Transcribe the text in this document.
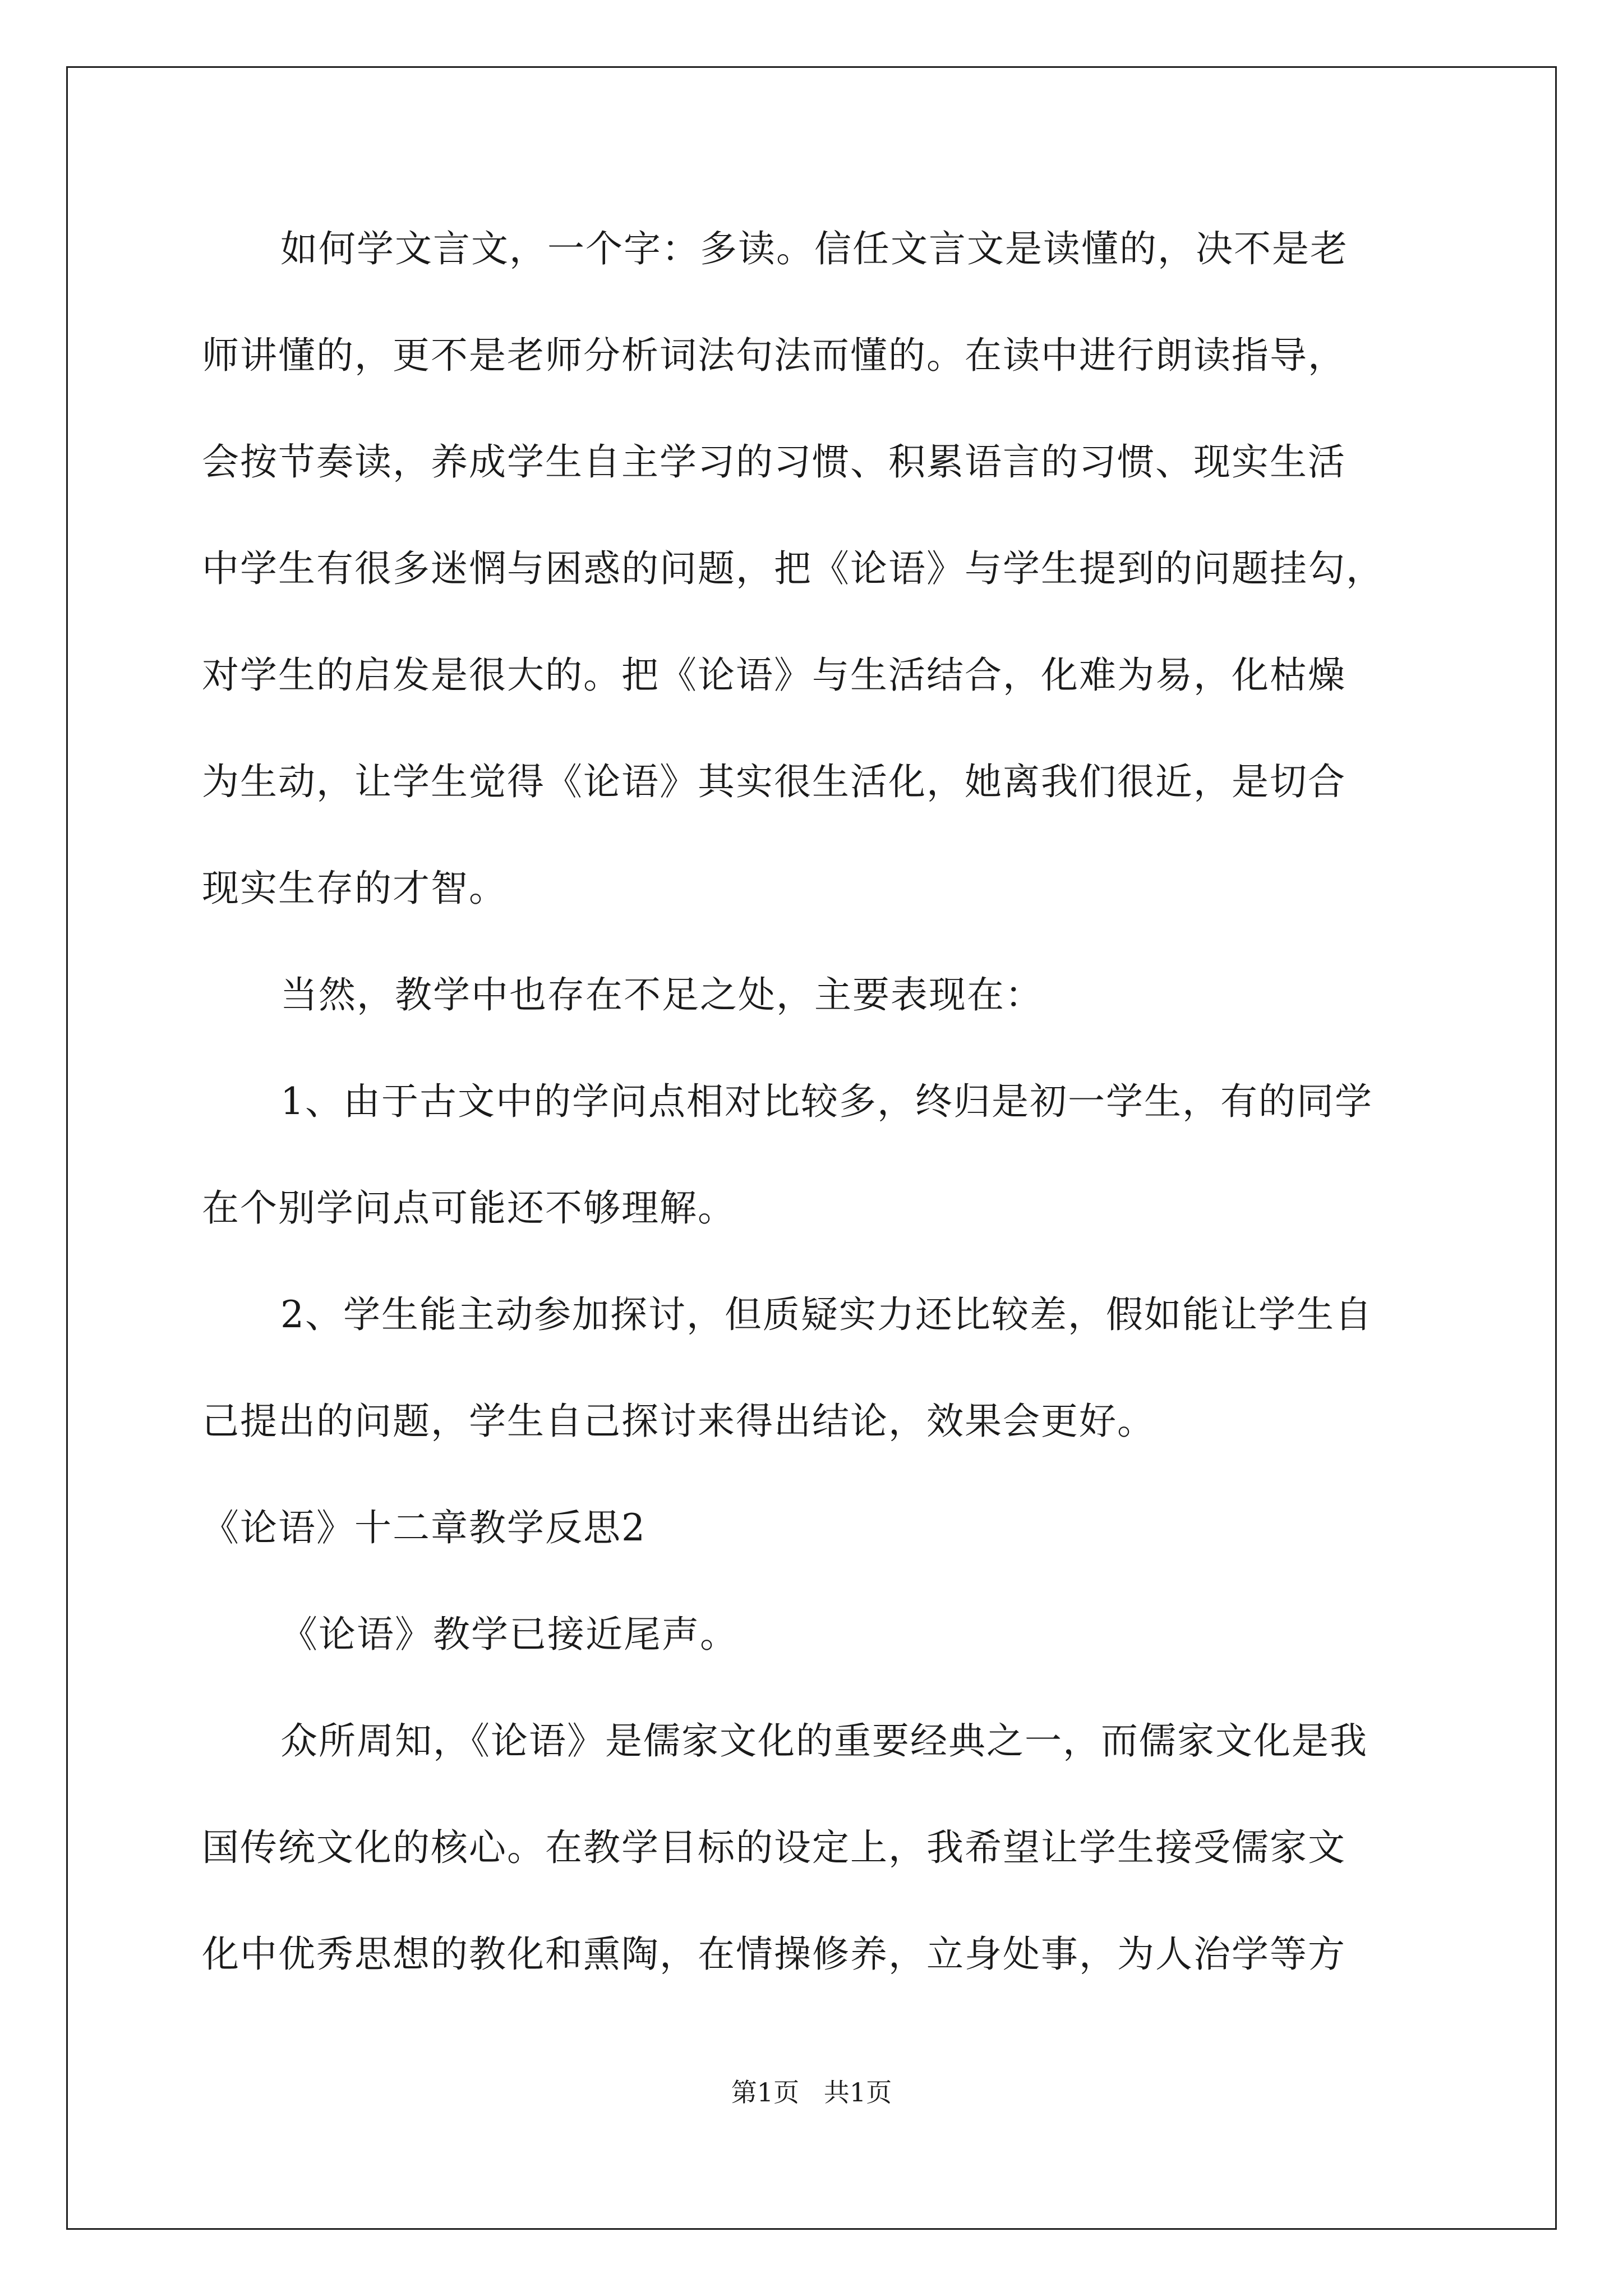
如何学文言文，一个字：多读。信任文言文是读懂的，决不是老
师讲懂的，更不是老师分析词法句法而懂的。在读中进行朗读指导，
会按节奏读，养成学生自主学习的习惯、积累语言的习惯、现实生活
中学生有很多迷惘与困惑的问题，把《论语》与学生提到的问题挂勾，
对学生的启发是很大的。把《论语》与生活结合，化难为易，化枯燥
为生动，让学生觉得《论语》其实很生活化，她离我们很近，是切合
现实生存的才智。
当然，教学中也存在不足之处，主要表现在：
1、由于古文中的学问点相对比较多，终归是初一学生，有的同学
在个别学问点可能还不够理解。
2、学生能主动参加探讨，但质疑实力还比较差，假如能让学生自
己提出的问题，学生自己探讨来得出结论，效果会更好。
《论语》十二章教学反思2
《论语》教学已接近尾声。
众所周知，《论语》是儒家文化的重要经典之一，而儒家文化是我
国传统文化的核心。在教学目标的设定上，我希望让学生接受儒家文
化中优秀思想的教化和熏陶，在情操修养，立身处事，为人治学等方
第1页   共1页
